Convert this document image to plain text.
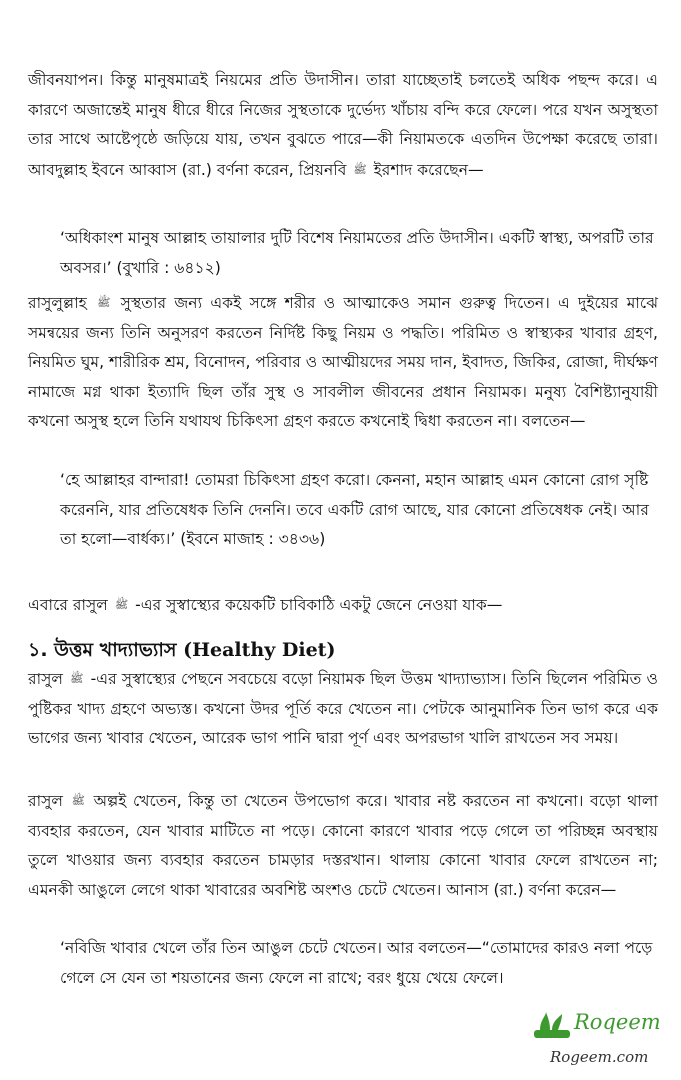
জীবনযাপন। কিন্তু মানুষমাত্রই নিয়মের প্রতি উদাসীন। তারা যাচ্ছেতাই চলতেই অধিক পছন্দ করে। এ কারণে অজান্তেই মানুষ ধীরে ধীরে নিজের সুস্থতাকে দুর্ভেদ্য খাঁচায় বন্দি করে ফেলে। পরে যখন অসুস্থতা তার সাথে আষ্টেপৃষ্ঠে জড়িয়ে যায়, তখন বুঝতে পারে—কী নিয়ামতকে এতদিন উপেক্ষা করেছে তারা। আবদুল্লাহ ইবনে আব্বাস (রা.) বর্ণনা করেন, প্রিয়নবি ﷺ ইরশাদ করেছেন—

‘অধিকাংশ মানুষ আল্লাহ তায়ালার দুটি বিশেষ নিয়ামতের প্রতি উদাসীন। একটি স্বাস্থ্য, অপরটি তার অবসর।’ (বুখারি : ৬৪১২)

রাসুলুল্লাহ ﷺ সুস্থতার জন্য একই সঙ্গে শরীর ও আত্মাকেও সমান গুরুত্ব দিতেন। এ দুইয়ের মাঝে সমন্বয়ের জন্য তিনি অনুসরণ করতেন নির্দিষ্ট কিছু নিয়ম ও পদ্ধতি। পরিমিত ও স্বাস্থ্যকর খাবার গ্রহণ, নিয়মিত ঘুম, শারীরিক শ্রম, বিনোদন, পরিবার ও আত্মীয়দের সময় দান, ইবাদত, জিকির, রোজা, দীর্ঘক্ষণ নামাজে মগ্ন থাকা ইত্যাদি ছিল তাঁর সুস্থ ও সাবলীল জীবনের প্রধান নিয়ামক। মনুষ্য বৈশিষ্ট্যানুযায়ী কখনো অসুস্থ হলে তিনি যথাযথ চিকিৎসা গ্রহণ করতে কখনোই দ্বিধা করতেন না। বলতেন—

‘হে আল্লাহর বান্দারা! তোমরা চিকিৎসা গ্রহণ করো। কেননা, মহান আল্লাহ এমন কোনো রোগ সৃষ্টি করেননি, যার প্রতিষেধক তিনি দেননি। তবে একটি রোগ আছে, যার কোনো প্রতিষেধক নেই। আর তা হলো—বার্ধক্য।’ (ইবনে মাজাহ : ৩৪৩৬)

এবারে রাসুল ﷺ -এর সুস্বাস্থ্যের কয়েকটি চাবিকাঠি একটু জেনে নেওয়া যাক—

১. উত্তম খাদ্যাভ্যাস (Healthy Diet)

রাসুল ﷺ -এর সুস্বাস্থ্যের পেছনে সবচেয়ে বড়ো নিয়ামক ছিল উত্তম খাদ্যাভ্যাস। তিনি ছিলেন পরিমিত ও পুষ্টিকর খাদ্য গ্রহণে অভ্যস্ত। কখনো উদর পূর্তি করে খেতেন না। পেটকে আনুমানিক তিন ভাগ করে এক ভাগের জন্য খাবার খেতেন, আরেক ভাগ পানি দ্বারা পূর্ণ এবং অপরভাগ খালি রাখতেন সব সময়।

রাসুল ﷺ অল্পই খেতেন, কিন্তু তা খেতেন উপভোগ করে। খাবার নষ্ট করতেন না কখনো। বড়ো থালা ব্যবহার করতেন, যেন খাবার মাটিতে না পড়ে। কোনো কারণে খাবার পড়ে গেলে তা পরিচ্ছন্ন অবস্থায় তুলে খাওয়ার জন্য ব্যবহার করতেন চামড়ার দস্তরখান। থালায় কোনো খাবার ফেলে রাখতেন না; এমনকী আঙুলে লেগে থাকা খাবারের অবশিষ্ট অংশও চেটে খেতেন। আনাস (রা.) বর্ণনা করেন—

‘নবিজি খাবার খেলে তাঁর তিন আঙুল চেটে খেতেন। আর বলতেন—“তোমাদের কারও নলা পড়ে গেলে সে যেন তা শয়তানের জন্য ফেলে না রাখে; বরং ধুয়ে খেয়ে ফেলে।

Roqeem
Rogeem.com
